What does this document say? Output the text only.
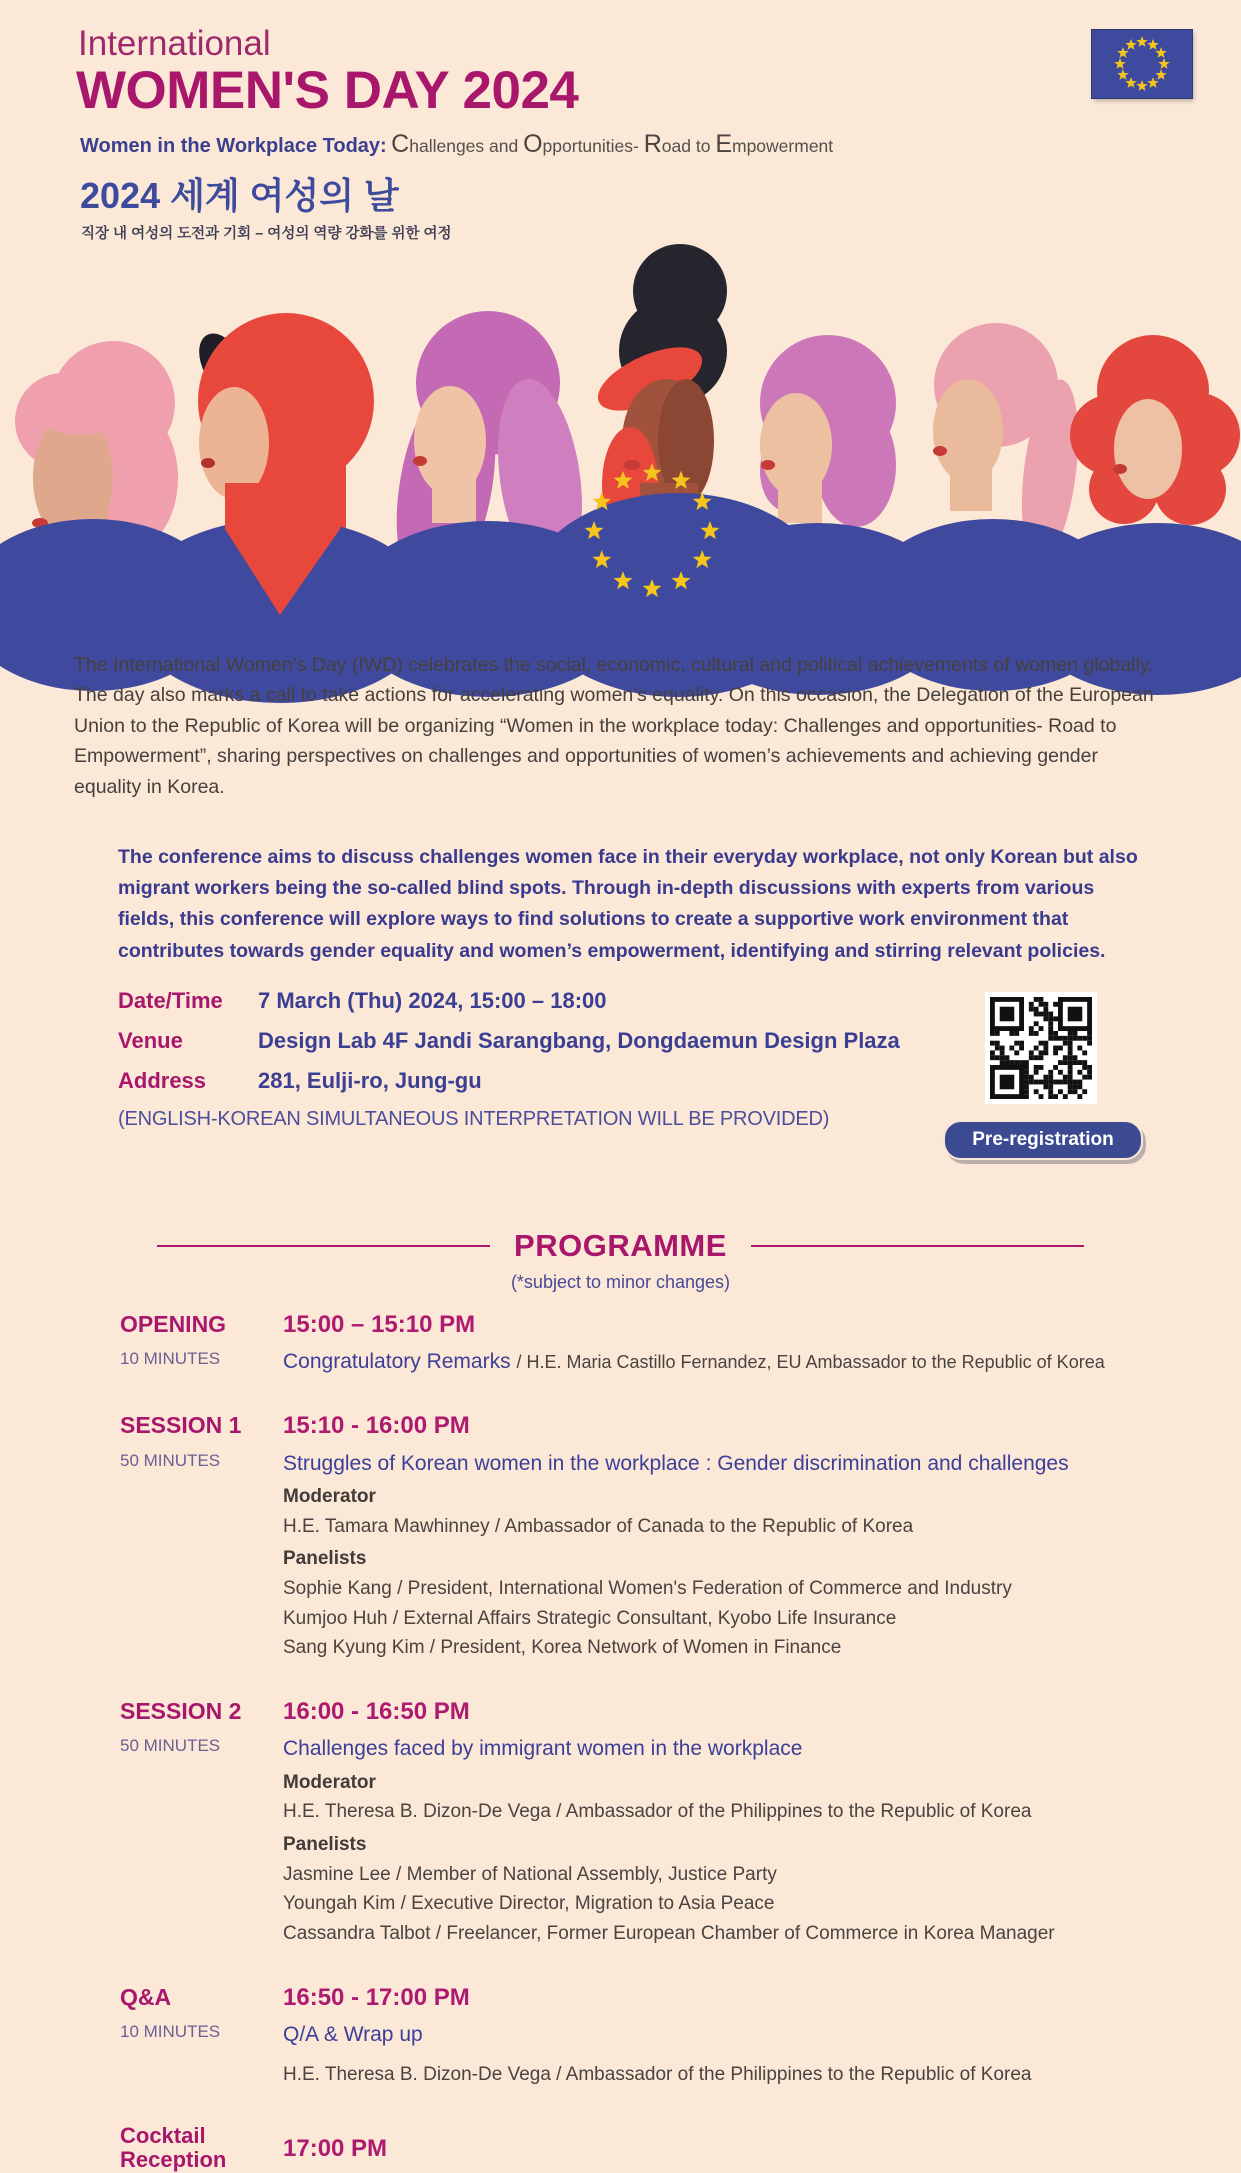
International
WOMEN'S DAY 2024
Women in the Workplace Today: Challenges and Opportunities- Road to Empowerment
2024 세계 여성의 날
직장 내 여성의 도전과 기회 – 여성의 역량 강화를 위한 여정
The International Women’s Day (IWD) celebrates the social, economic, cultural and political achievements of women globally. The day also marks a call to take actions for accelerating women's equality. On this occasion, the Delegation of the European Union to the Republic of Korea will be organizing “Women in the workplace today: Challenges and opportunities- Road to Empowerment”, sharing perspectives on challenges and opportunities of women’s achievements and achieving gender equality in Korea.
The conference aims to discuss challenges women face in their everyday workplace, not only Korean but also migrant workers being the so-called blind spots. Through in-depth discussions with experts from various fields, this conference will explore ways to find solutions to create a supportive work environment that contributes towards gender equality and women’s empowerment, identifying and stirring relevant policies.
Date/Time	7 March (Thu) 2024, 15:00 – 18:00
Venue	Design Lab 4F Jandi Sarangbang, Dongdaemun Design Plaza
Address	281, Eulji-ro, Jung-gu
(ENGLISH-KOREAN SIMULTANEOUS INTERPRETATION WILL BE PROVIDED)
Pre-registration
PROGRAMME
(*subject to minor changes)
OPENING
10 MINUTES
15:00 – 15:10 PM
Congratulatory Remarks / H.E. Maria Castillo Fernandez, EU Ambassador to the Republic of Korea
SESSION 1
50 MINUTES
15:10 - 16:00 PM
Struggles of Korean women in the workplace : Gender discrimination and challenges
Moderator
H.E. Tamara Mawhinney / Ambassador of Canada to the Republic of Korea
Panelists
Sophie Kang / President, International Women's Federation of Commerce and Industry
Kumjoo Huh / External Affairs Strategic Consultant, Kyobo Life Insurance
Sang Kyung Kim / President, Korea Network of Women in Finance
SESSION 2
50 MINUTES
16:00 - 16:50 PM
Challenges faced by immigrant women in the workplace
Moderator
H.E. Theresa B. Dizon-De Vega / Ambassador of the Philippines to the Republic of Korea
Panelists
Jasmine Lee / Member of National Assembly, Justice Party
Youngah Kim / Executive Director, Migration to Asia Peace
Cassandra Talbot / Freelancer, Former European Chamber of Commerce in Korea Manager
Q&A
10 MINUTES
16:50 - 17:00 PM
Q/A & Wrap up
H.E. Theresa B. Dizon-De Vega / Ambassador of the Philippines to the Republic of Korea
Cocktail Reception	17:00 PM
